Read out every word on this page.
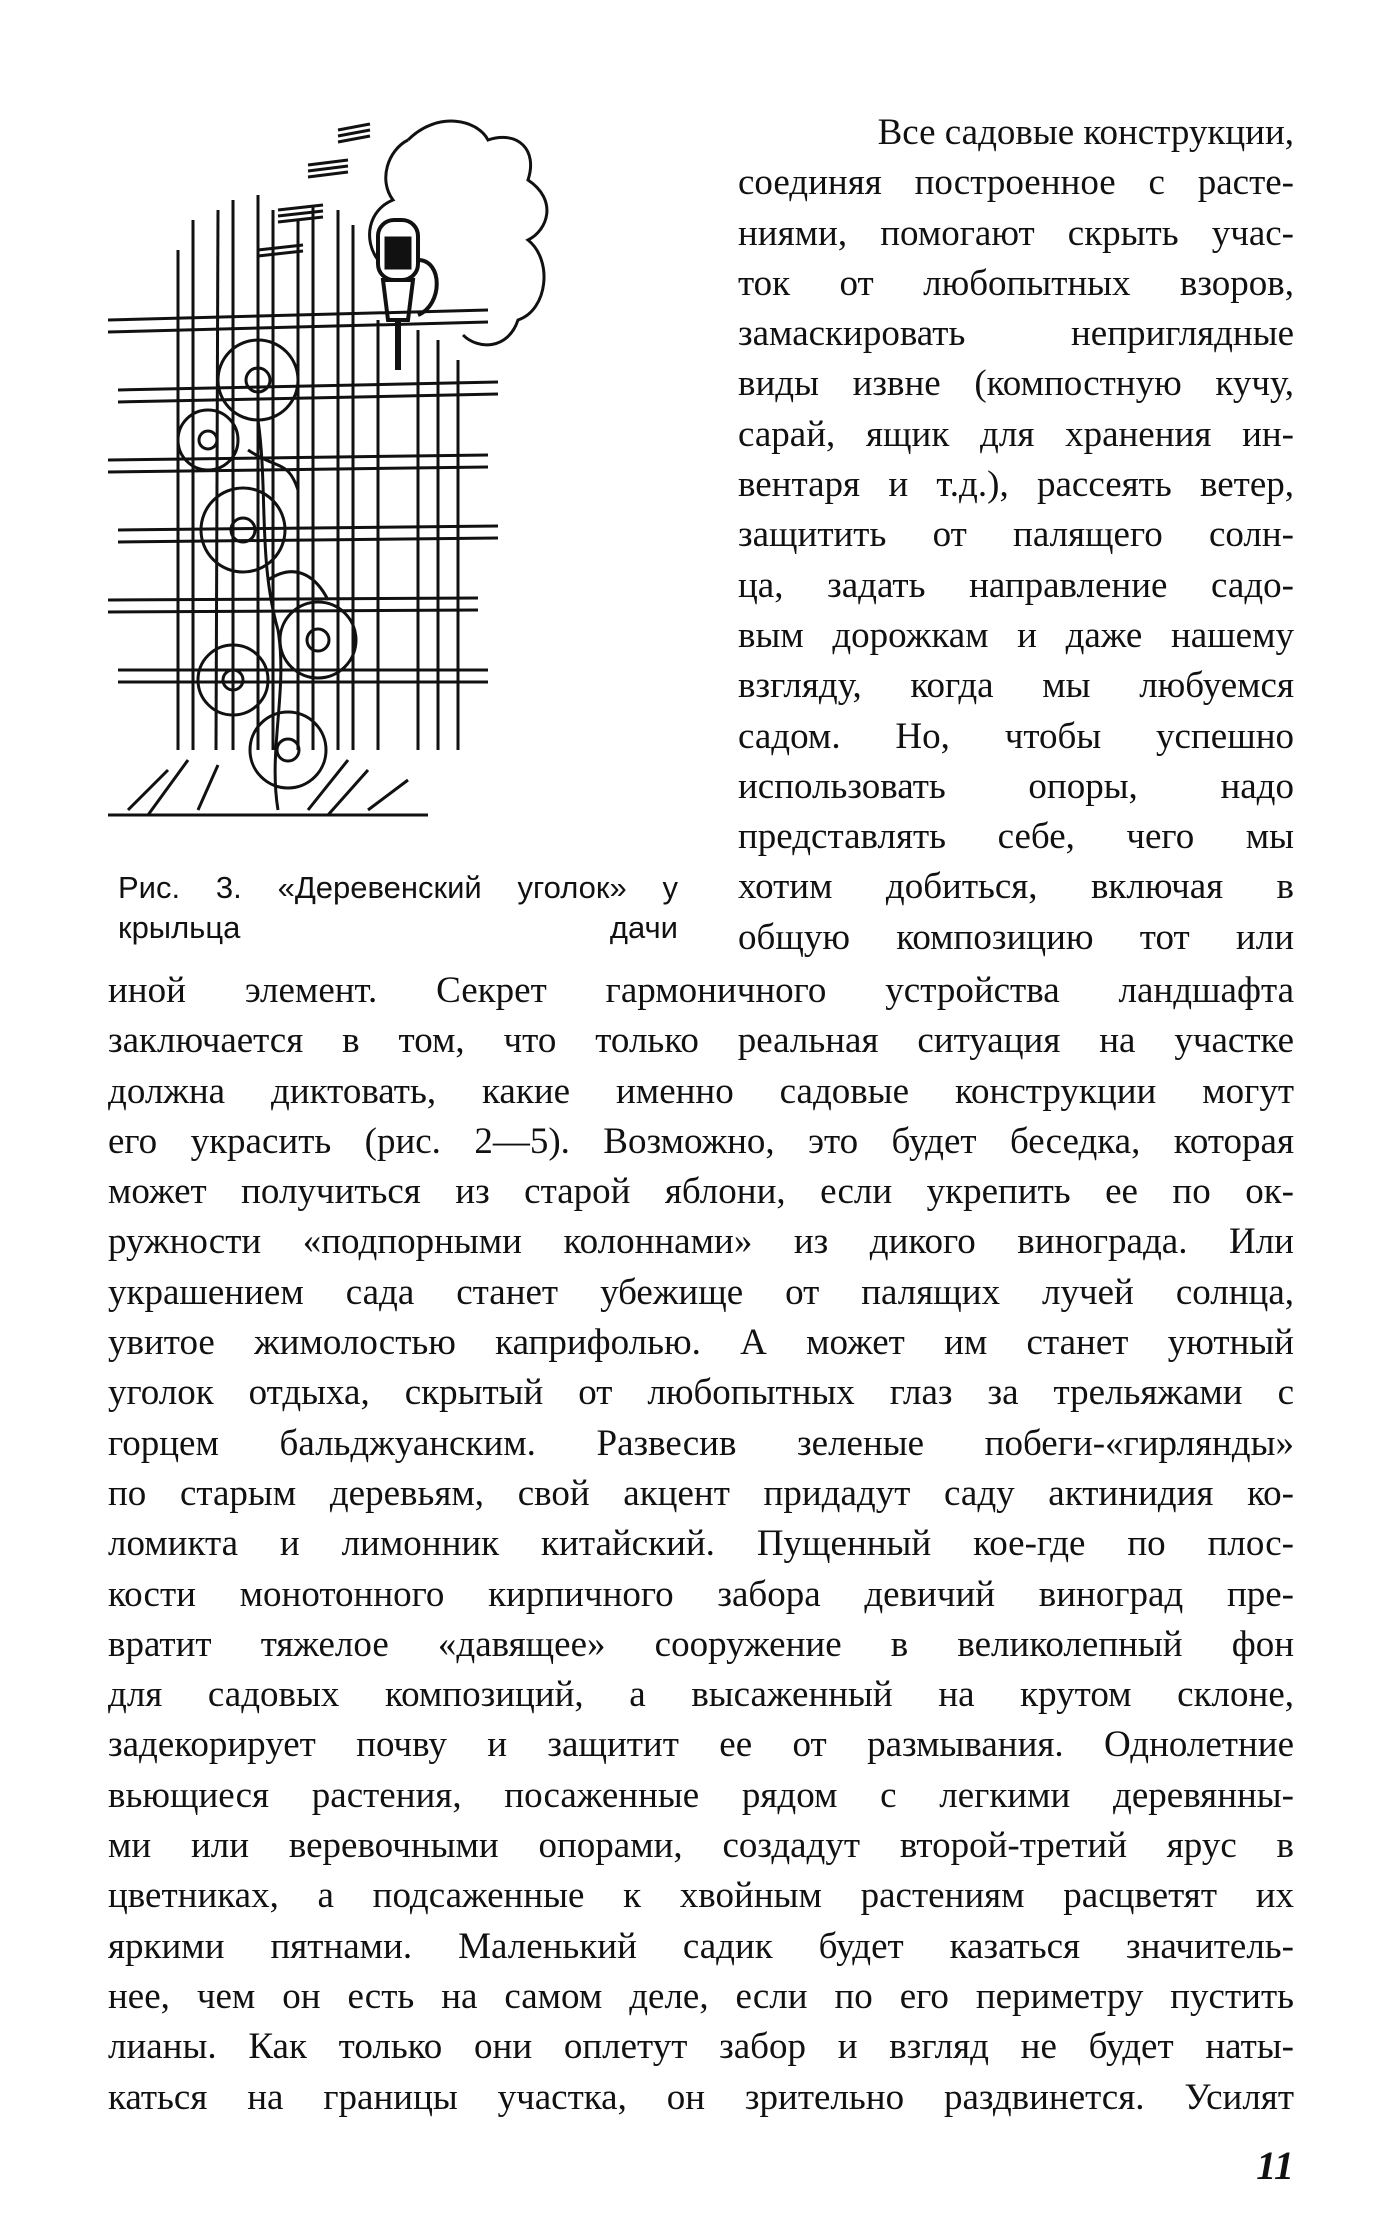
Рис. 3. «Деревенский уголок» у
крыльца дачи
Все садовые конструкции,
соединяя построенное с расте-
ниями, помогают скрыть учас-
ток от любопытных взоров,
замаскировать неприглядные
виды извне (компостную кучу,
сарай, ящик для хранения ин-
вентаря и т.д.), рассеять ветер,
защитить от палящего солн-
ца, задать направление садо-
вым дорожкам и даже нашему
взгляду, когда мы любуемся
садом. Но, чтобы успешно
использовать опоры, надо
представлять себе, чего мы
хотим добиться, включая в
общую композицию тот или
иной элемент. Секрет гармоничного устройства ландшафта
заключается в том, что только реальная ситуация на участке
должна диктовать, какие именно садовые конструкции могут
его украсить (рис. 2—5). Возможно, это будет беседка, которая
может получиться из старой яблони, если укрепить ее по ок-
ружности «подпорными колоннами» из дикого винограда. Или
украшением сада станет убежище от палящих лучей солнца,
увитое жимолостью каприфолью. А может им станет уютный
уголок отдыха, скрытый от любопытных глаз за трельяжами с
горцем бальджуанским. Развесив зеленые побеги-«гирлянды»
по старым деревьям, свой акцент придадут саду актинидия ко-
ломикта и лимонник китайский. Пущенный кое-где по плос-
кости монотонного кирпичного забора девичий виноград пре-
вратит тяжелое «давящее» сооружение в великолепный фон
для садовых композиций, а высаженный на крутом склоне,
задекорирует почву и защитит ее от размывания. Однолетние
вьющиеся растения, посаженные рядом с легкими деревянны-
ми или веревочными опорами, создадут второй-третий ярус в
цветниках, а подсаженные к хвойным растениям расцветят их
яркими пятнами. Маленький садик будет казаться значитель-
нее, чем он есть на самом деле, если по его периметру пустить
лианы. Как только они оплетут забор и взгляд не будет наты-
каться на границы участка, он зрительно раздвинется. Усилят
11
